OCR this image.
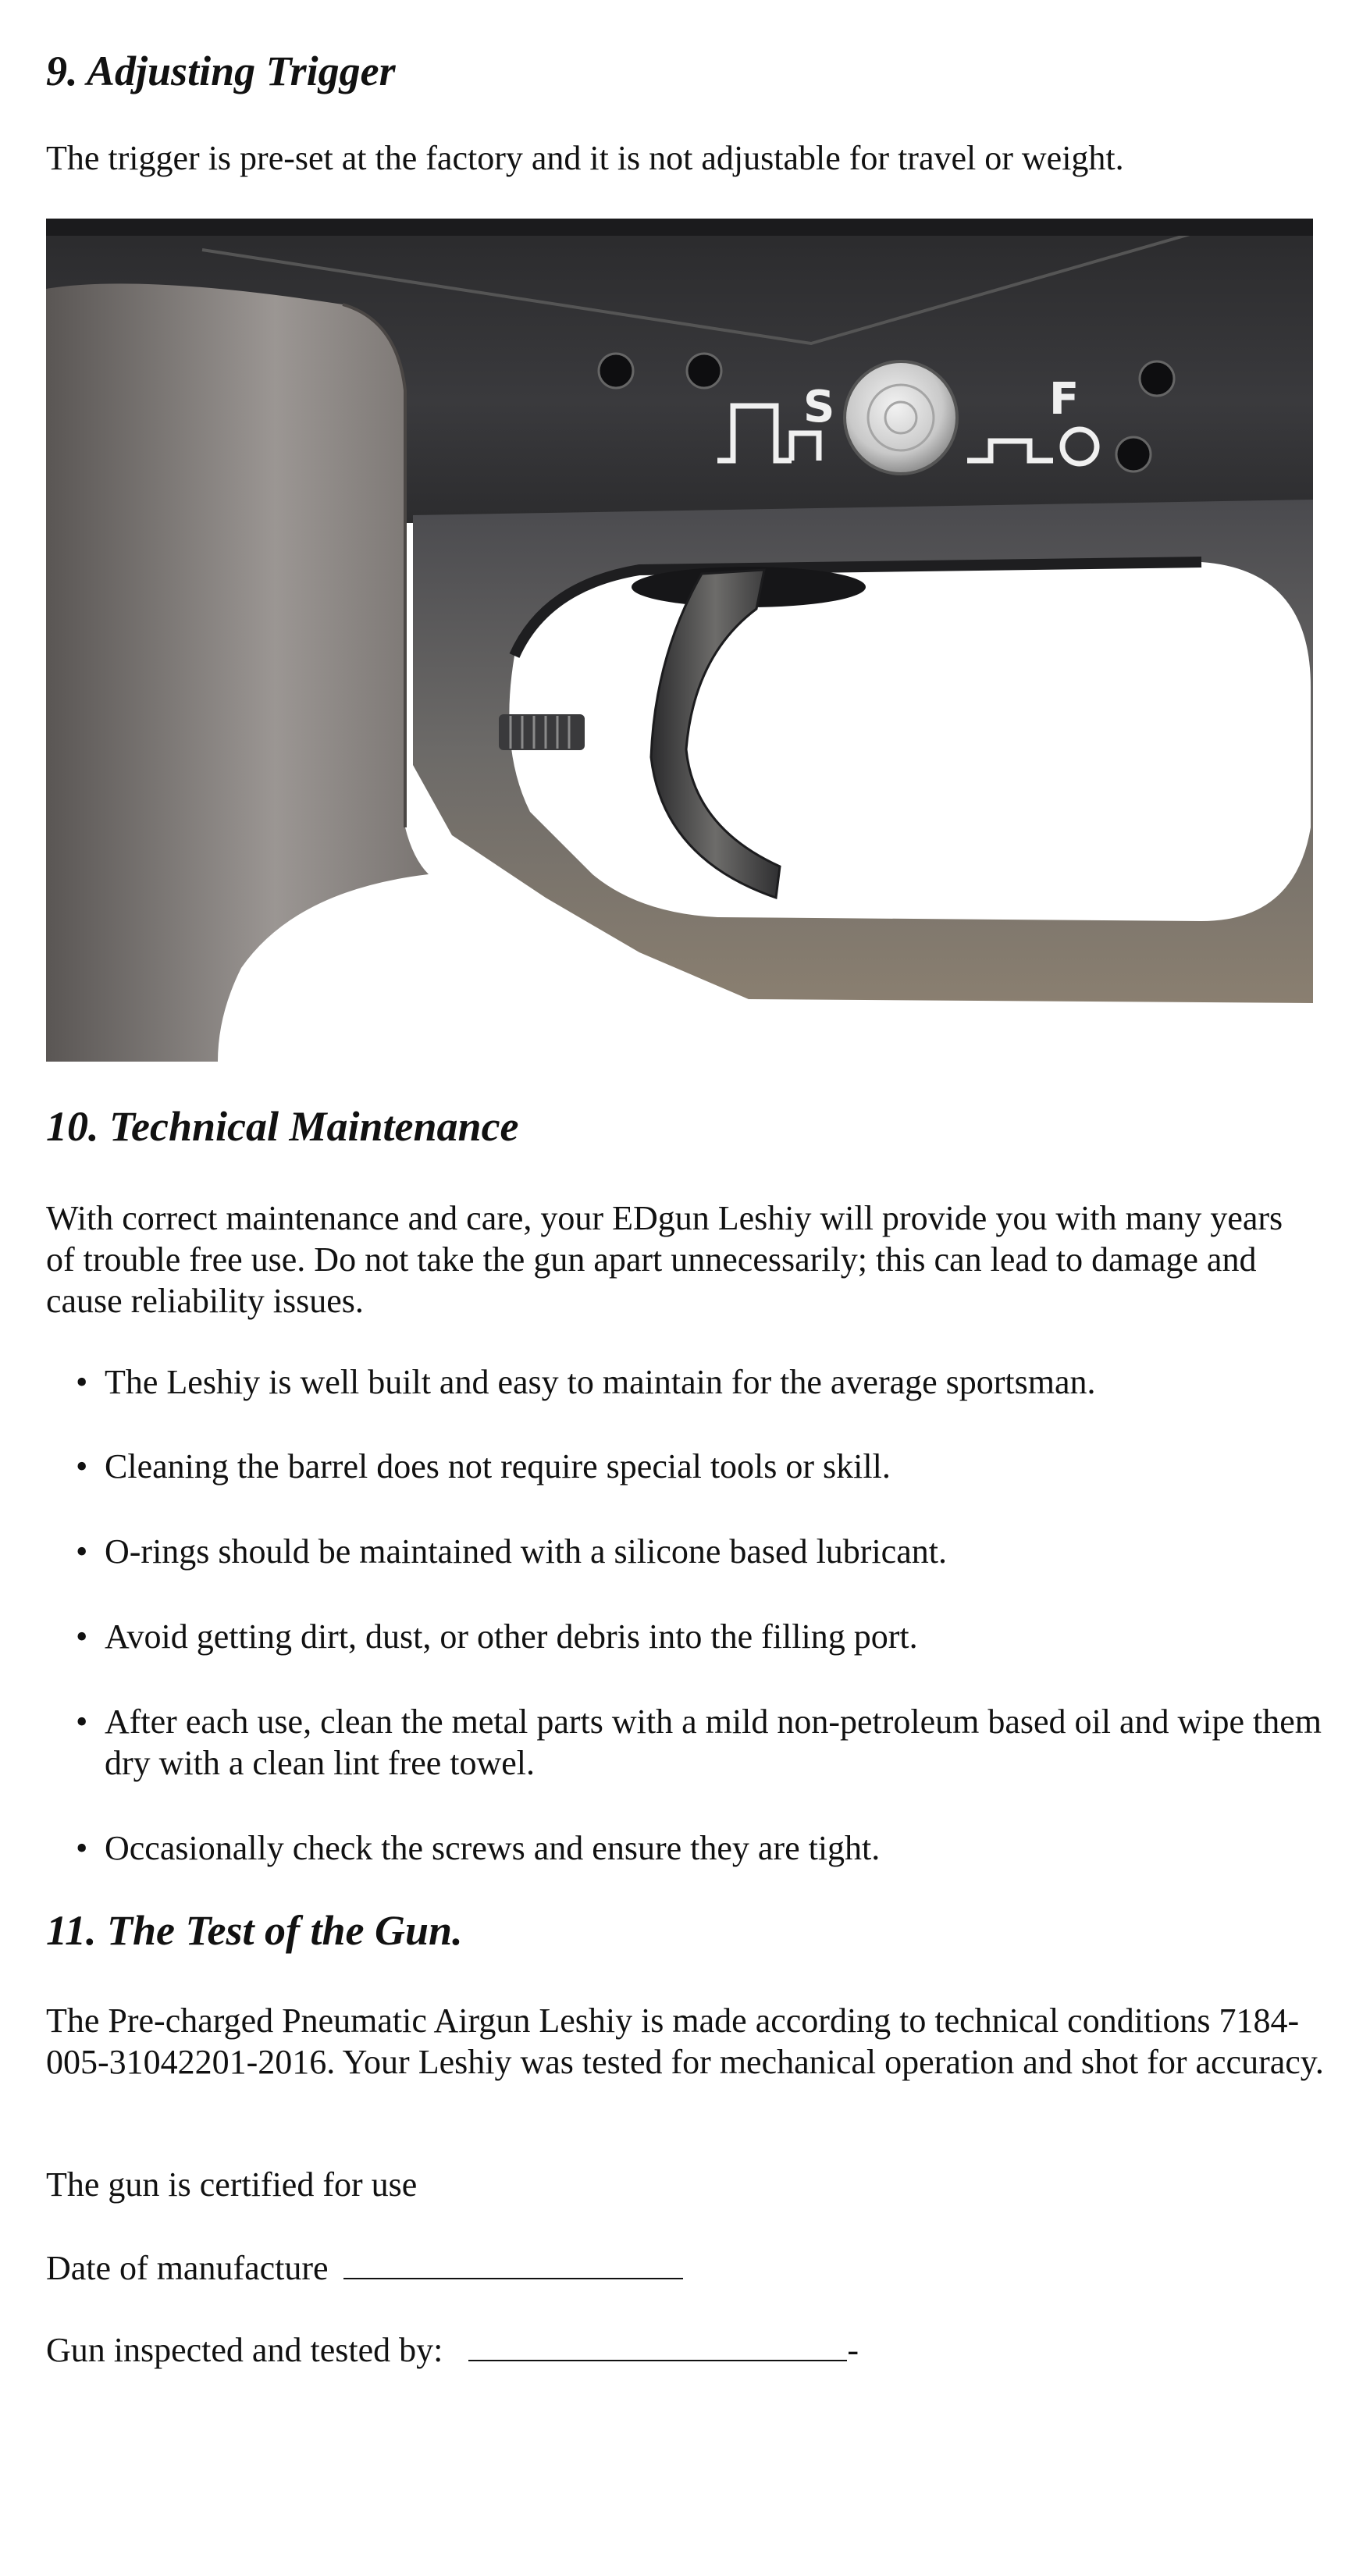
9. Adjusting Trigger

The trigger is pre-set at the factory and it is not adjustable for travel or weight.

S	F
10. Technical Maintenance

With correct maintenance and care, your EDgun Leshiy will provide you with many years of trouble free use. Do not take the gun apart unnecessarily; this can lead to damage and cause reliability issues.

• The Leshiy is well built and easy to maintain for the average sportsman.
• Cleaning the barrel does not require special tools or skill.
• O-rings should be maintained with a silicone based lubricant.
• Avoid getting dirt, dust, or other debris into the filling port.
• After each use, clean the metal parts with a mild non-petroleum based oil and wipe them dry with a clean lint free towel.
• Occasionally check the screws and ensure they are tight.
11. The Test of the Gun.

The Pre-charged Pneumatic Airgun Leshiy is made according to technical conditions 7184-005-31042201-2016. Your Leshiy was tested for mechanical operation and shot for accuracy.

The gun is certified for use

Date of manufacture

Gun inspected and tested by:	-
